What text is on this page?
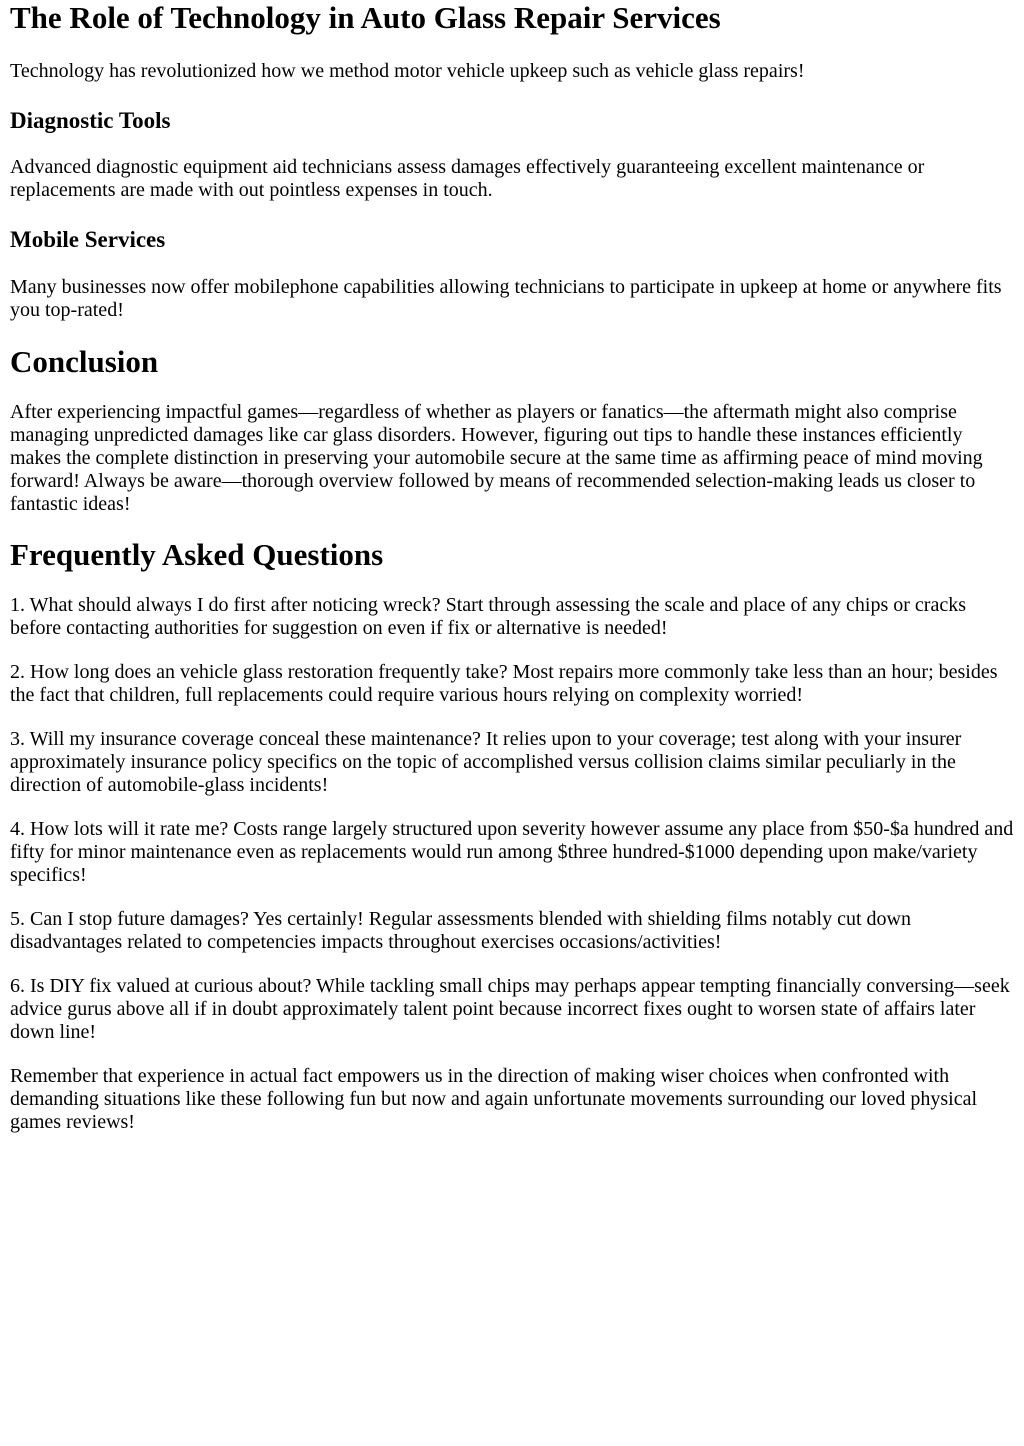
The Role of Technology in Auto Glass Repair Services

Technology has revolutionized how we method motor vehicle upkeep such as vehicle glass repairs!

Diagnostic Tools

Advanced diagnostic equipment aid technicians assess damages effectively guaranteeing excellent maintenance or replacements are made with out pointless expenses in touch.

Mobile Services

Many businesses now offer mobilephone capabilities allowing technicians to participate in upkeep at home or anywhere fits you top-rated!

Conclusion

After experiencing impactful games—regardless of whether as players or fanatics—the aftermath might also comprise managing unpredicted damages like car glass disorders. However, figuring out tips to handle these instances efficiently makes the complete distinction in preserving your automobile secure at the same time as affirming peace of mind moving forward! Always be aware—thorough overview followed by means of recommended selection-making leads us closer to fantastic ideas!

Frequently Asked Questions

1. What should always I do first after noticing wreck? Start through assessing the scale and place of any chips or cracks before contacting authorities for suggestion on even if fix or alternative is needed!

2. How long does an vehicle glass restoration frequently take? Most repairs more commonly take less than an hour; besides the fact that children, full replacements could require various hours relying on complexity worried!

3. Will my insurance coverage conceal these maintenance? It relies upon to your coverage; test along with your insurer approximately insurance policy specifics on the topic of accomplished versus collision claims similar peculiarly in the direction of automobile-glass incidents!

4. How lots will it rate me? Costs range largely structured upon severity however assume any place from $50-$a hundred and fifty for minor maintenance even as replacements would run among $three hundred-$1000 depending upon make/variety specifics!

5. Can I stop future damages? Yes certainly! Regular assessments blended with shielding films notably cut down disadvantages related to competencies impacts throughout exercises occasions/activities!

6. Is DIY fix valued at curious about? While tackling small chips may perhaps appear tempting financially conversing—seek advice gurus above all if in doubt approximately talent point because incorrect fixes ought to worsen state of affairs later down line!

Remember that experience in actual fact empowers us in the direction of making wiser choices when confronted with demanding situations like these following fun but now and again unfortunate movements surrounding our loved physical games reviews!
